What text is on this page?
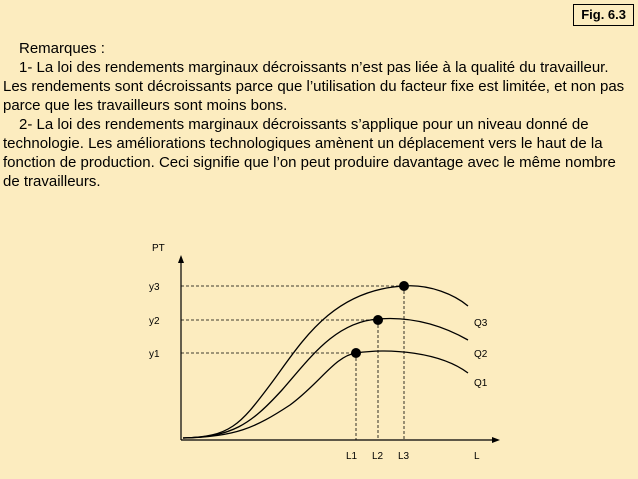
Fig. 6.3

Remarques :

1- La loi des rendements marginaux décroissants n’est pas liée à la qualité du travailleur. Les rendements sont décroissants parce que l’utilisation du facteur fixe est limitée, et non pas parce que les travailleurs sont moins bons.

2- La loi des rendements marginaux décroissants s’applique pour un niveau donné de technologie. Les améliorations technologiques amènent un déplacement vers le haut de la fonction de production. Ceci signifie que l’on peut produire davantage avec le même nombre de travailleurs.

PT
y3
y2
y1
L1 L2 L3	L
Q3
Q2
Q1
